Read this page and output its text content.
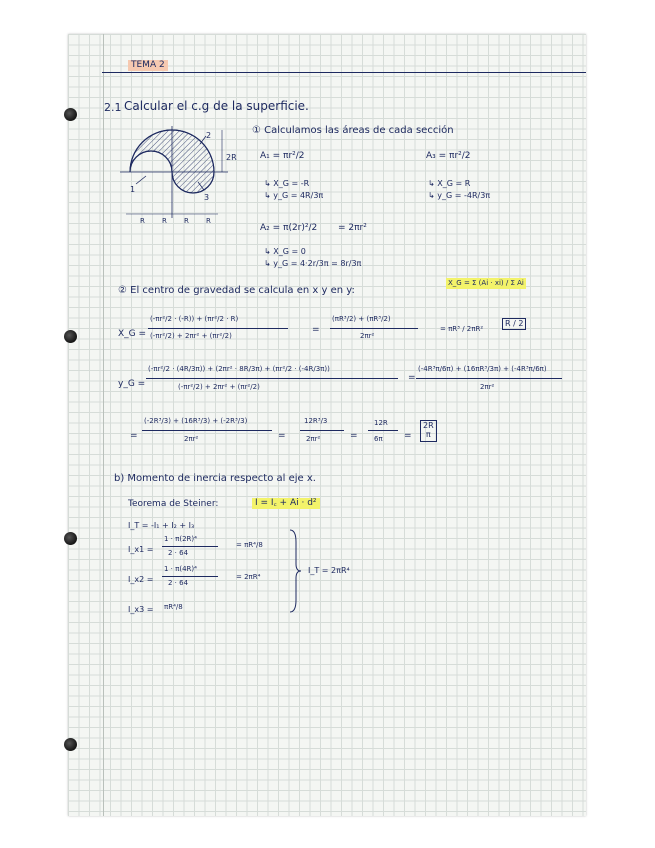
TEMA 2
2.1 Calcular el c.g de la superficie.
2
2R
1
3
R R R R
① Calculamos las áreas de cada sección
A₁ = πr²/2
↳ X_G = -R
↳ y_G = 4R/3π
A₃ = πr²/2
↳ X_G = R
↳ y_G = -4R/3π
A₂ = π(2r)²/2 = 2πr²
↳ X_G = 0
↳ y_G = 4·2r/3π = 8r/3π
② El centro de gravedad se calcula en x y en y:
X_G = Σ (Ai · xi) / Σ Ai
X_G =
(-πr²/2 · (-R)) + (πr²/2 · R)
(-πr²/2) + 2πr² + (πr²/2)
=
(πR³/2) + (πR³/2)
2πr²
= πR³ / 2πR²
R / 2
y_G =
(-πr²/2 · (4R/3π)) + (2πr² · 8R/3π) + (πr²/2 · (-4R/3π))
(-πr²/2) + 2πr² + (πr²/2)
=
(-4R³π/6π) + (16πR³/3π) + (-4R³π/6π)
2πr²
=
(-2R³/3) + (16R³/3) + (-2R³/3)
2πr²	=
12R³/3
2πr²	=
12R
6π =
2R
π
b) Momento de inercia respecto al eje x.
Teorema de Steiner:	I = I꜀ + Ai · d²
I_T = -I₁ + I₂ + I₃
I_x1 =
1 · π(2R)⁴
2 · 64
= πR⁴/8
I_x2 =
1 · π(4R)⁴
2 · 64
= 2πR⁴
I_x3 = πR⁴/8
I_T = 2πR⁴
